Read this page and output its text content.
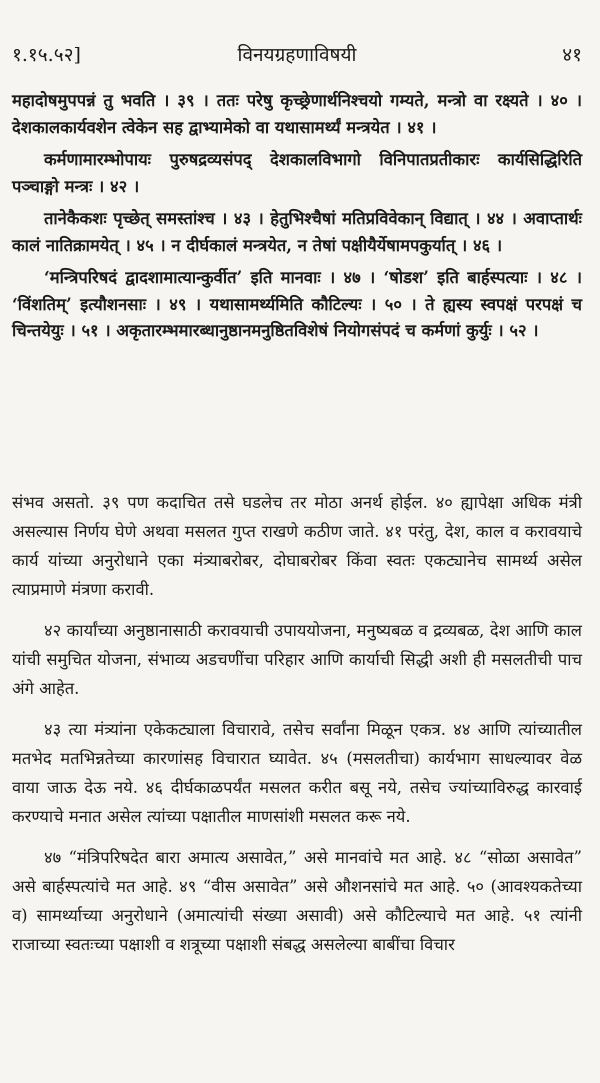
१.१५.५२]	विनयग्रहणाविषयी	४१

महादोषमुपपन्नं तु भवति । ३९ । ततः परेषु कृच्छ्रेणार्थनिश्चयो गम्यते, मन्त्रो वा रक्ष्यते । ४० । देशकालकार्यवशेन त्वेकेन सह द्वाभ्यामेको वा यथासामर्थ्यं मन्त्रयेत । ४१ ।

कर्मणामारम्भोपायः पुरुषद्रव्यसंपद् देशकालविभागो विनिपातप्रतीकारः कार्यसिद्धिरिति पञ्चाङ्गो मन्त्रः । ४२ ।

तानेकैकशः पृच्छेत् समस्तांश्च । ४३ । हेतुभिश्चैषां मतिप्रविवेकान् विद्यात् । ४४ । अवाप्तार्थः कालं नातिक्रामयेत् । ४५ । न दीर्घकालं मन्त्रयेत, न तेषां पक्षीयैर्येषामपकुर्यात् । ४६ ।

‘मन्त्रिपरिषदं द्वादशामात्यान्कुर्वीत’ इति मानवाः । ४७ । ‘षोडश’ इति बार्हस्पत्याः । ४८ । ‘विंशतिम्’ इत्यौशनसाः । ४९ । यथासामर्थ्यमिति कौटिल्यः । ५० । ते ह्यस्य स्वपक्षं परपक्षं च चिन्तयेयुः । ५१ । अकृतारम्भमारब्धानुष्ठानमनुष्ठितविशेषं नियोगसंपदं च कर्मणां कुर्युः । ५२ ।

संभव असतो. ३९ पण कदाचित तसे घडलेच तर मोठा अनर्थ होईल. ४० ह्यापेक्षा अधिक मंत्री असल्यास निर्णय घेणे अथवा मसलत गुप्त राखणे कठीण जाते. ४१ परंतु, देश, काल व करावयाचे कार्य यांच्या अनुरोधाने एका मंत्र्याबरोबर, दोघाबरोबर किंवा स्वतः एकट्यानेच सामर्थ्य असेल त्याप्रमाणे मंत्रणा करावी.

४२ कार्यांच्या अनुष्ठानासाठी करावयाची उपाययोजना, मनुष्यबळ व द्रव्यबळ, देश आणि काल यांची समुचित योजना, संभाव्य अडचणींचा परिहार आणि कार्याची सिद्धी अशी ही मसलतीची पाच अंगे आहेत.

४३ त्या मंत्र्यांना एकेकट्याला विचारावे, तसेच सर्वांना मिळून एकत्र. ४४ आणि त्यांच्यातील मतभेद मतभिन्नतेच्या कारणांसह विचारात घ्यावेत. ४५ (मसलतीचा) कार्यभाग साधल्यावर वेळ वाया जाऊ देऊ नये. ४६ दीर्घकाळपर्यंत मसलत करीत बसू नये, तसेच ज्यांच्याविरुद्ध कारवाई करण्याचे मनात असेल त्यांच्या पक्षातील माणसांशी मसलत करू नये.

४७ “मंत्रिपरिषदेत बारा अमात्य असावेत,” असे मानवांचे मत आहे. ४८ “सोळा असावेत” असे बार्हस्पत्यांचे मत आहे. ४९ “वीस असावेत” असे औशनसांचे मत आहे. ५० (आवश्यकतेच्या व) सामर्थ्याच्या अनुरोधाने (अमात्यांची संख्या असावी) असे कौटिल्याचे मत आहे. ५१ त्यांनी राजाच्या स्वतःच्या पक्षाशी व शत्रूच्या पक्षाशी संबद्ध असलेल्या बाबींचा विचार
